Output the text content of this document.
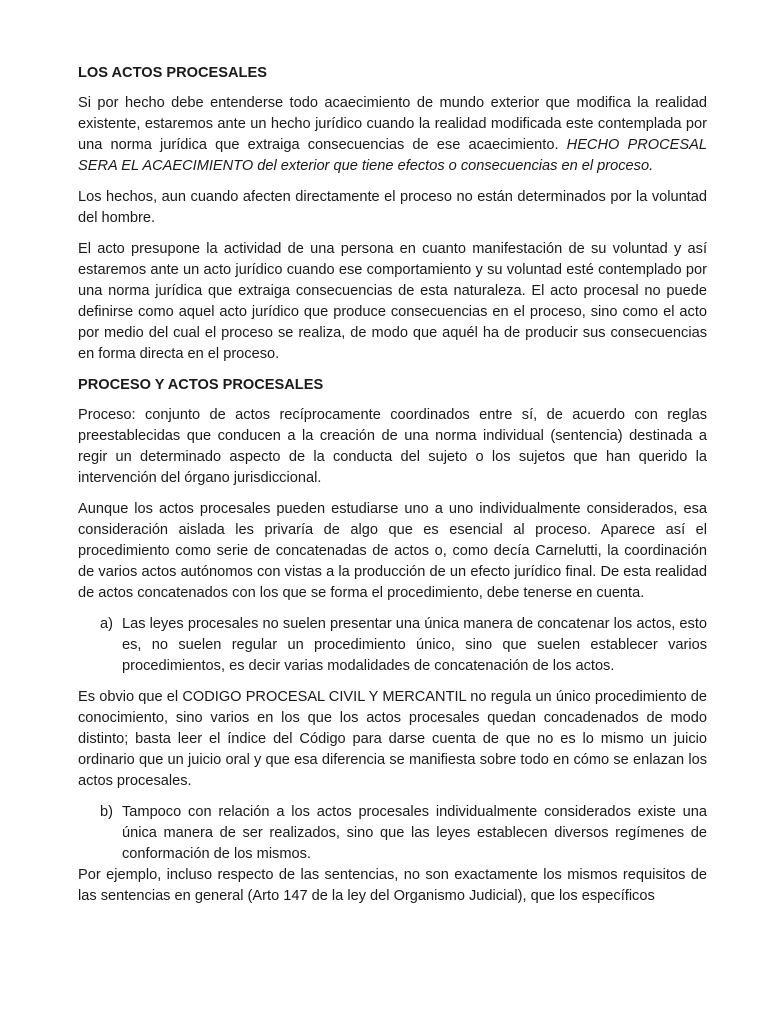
LOS ACTOS PROCESALES
Si por hecho debe entenderse todo acaecimiento de mundo exterior que modifica la realidad existente, estaremos ante un hecho jurídico cuando la realidad modificada este contemplada por una norma jurídica que extraiga consecuencias de ese acaecimiento. HECHO PROCESAL SERA EL ACAECIMIENTO del exterior que tiene efectos o consecuencias en el proceso.
Los hechos, aun cuando afecten directamente el proceso no están determinados por la voluntad del hombre.
El acto presupone la actividad de una persona en cuanto manifestación de su voluntad y así estaremos ante un acto jurídico cuando ese comportamiento y su voluntad esté contemplado por una norma jurídica que extraiga consecuencias de esta naturaleza. El acto procesal no puede definirse como aquel acto jurídico que produce consecuencias en el proceso, sino como el acto por medio del cual el proceso se realiza, de modo que aquél ha de producir sus consecuencias en forma directa en el proceso.
PROCESO Y ACTOS PROCESALES
Proceso: conjunto de actos recíprocamente coordinados entre sí, de acuerdo con reglas preestablecidas que conducen a la creación de una norma individual (sentencia) destinada a regir un determinado aspecto de la conducta del sujeto o los sujetos que han querido la intervención del órgano jurisdiccional.
Aunque los actos procesales pueden estudiarse uno a uno individualmente considerados, esa consideración aislada les privaría de algo que es esencial al proceso. Aparece así el procedimiento como serie de concatenadas de actos o, como decía Carnelutti, la coordinación de varios actos autónomos con vistas a la producción de un efecto jurídico final. De esta realidad de actos concatenados con los que se forma el procedimiento, debe tenerse en cuenta.
a) Las leyes procesales no suelen presentar una única manera de concatenar los actos, esto es, no suelen regular un procedimiento único, sino que suelen establecer varios procedimientos, es decir varias modalidades de concatenación de los actos.
Es obvio que el CODIGO PROCESAL CIVIL Y MERCANTIL no regula un único procedimiento de conocimiento, sino varios en los que los actos procesales quedan concadenados de modo distinto; basta leer el índice del Código para darse cuenta de que no es lo mismo un juicio ordinario que un juicio oral y que esa diferencia se manifiesta sobre todo en cómo se enlazan los actos procesales.
b) Tampoco con relación a los actos procesales individualmente considerados existe una única manera de ser realizados, sino que las leyes establecen diversos regímenes de conformación de los mismos.
Por ejemplo, incluso respecto de las sentencias, no son exactamente los mismos requisitos de las sentencias en general (Arto 147 de la ley del Organismo Judicial), que los específicos
